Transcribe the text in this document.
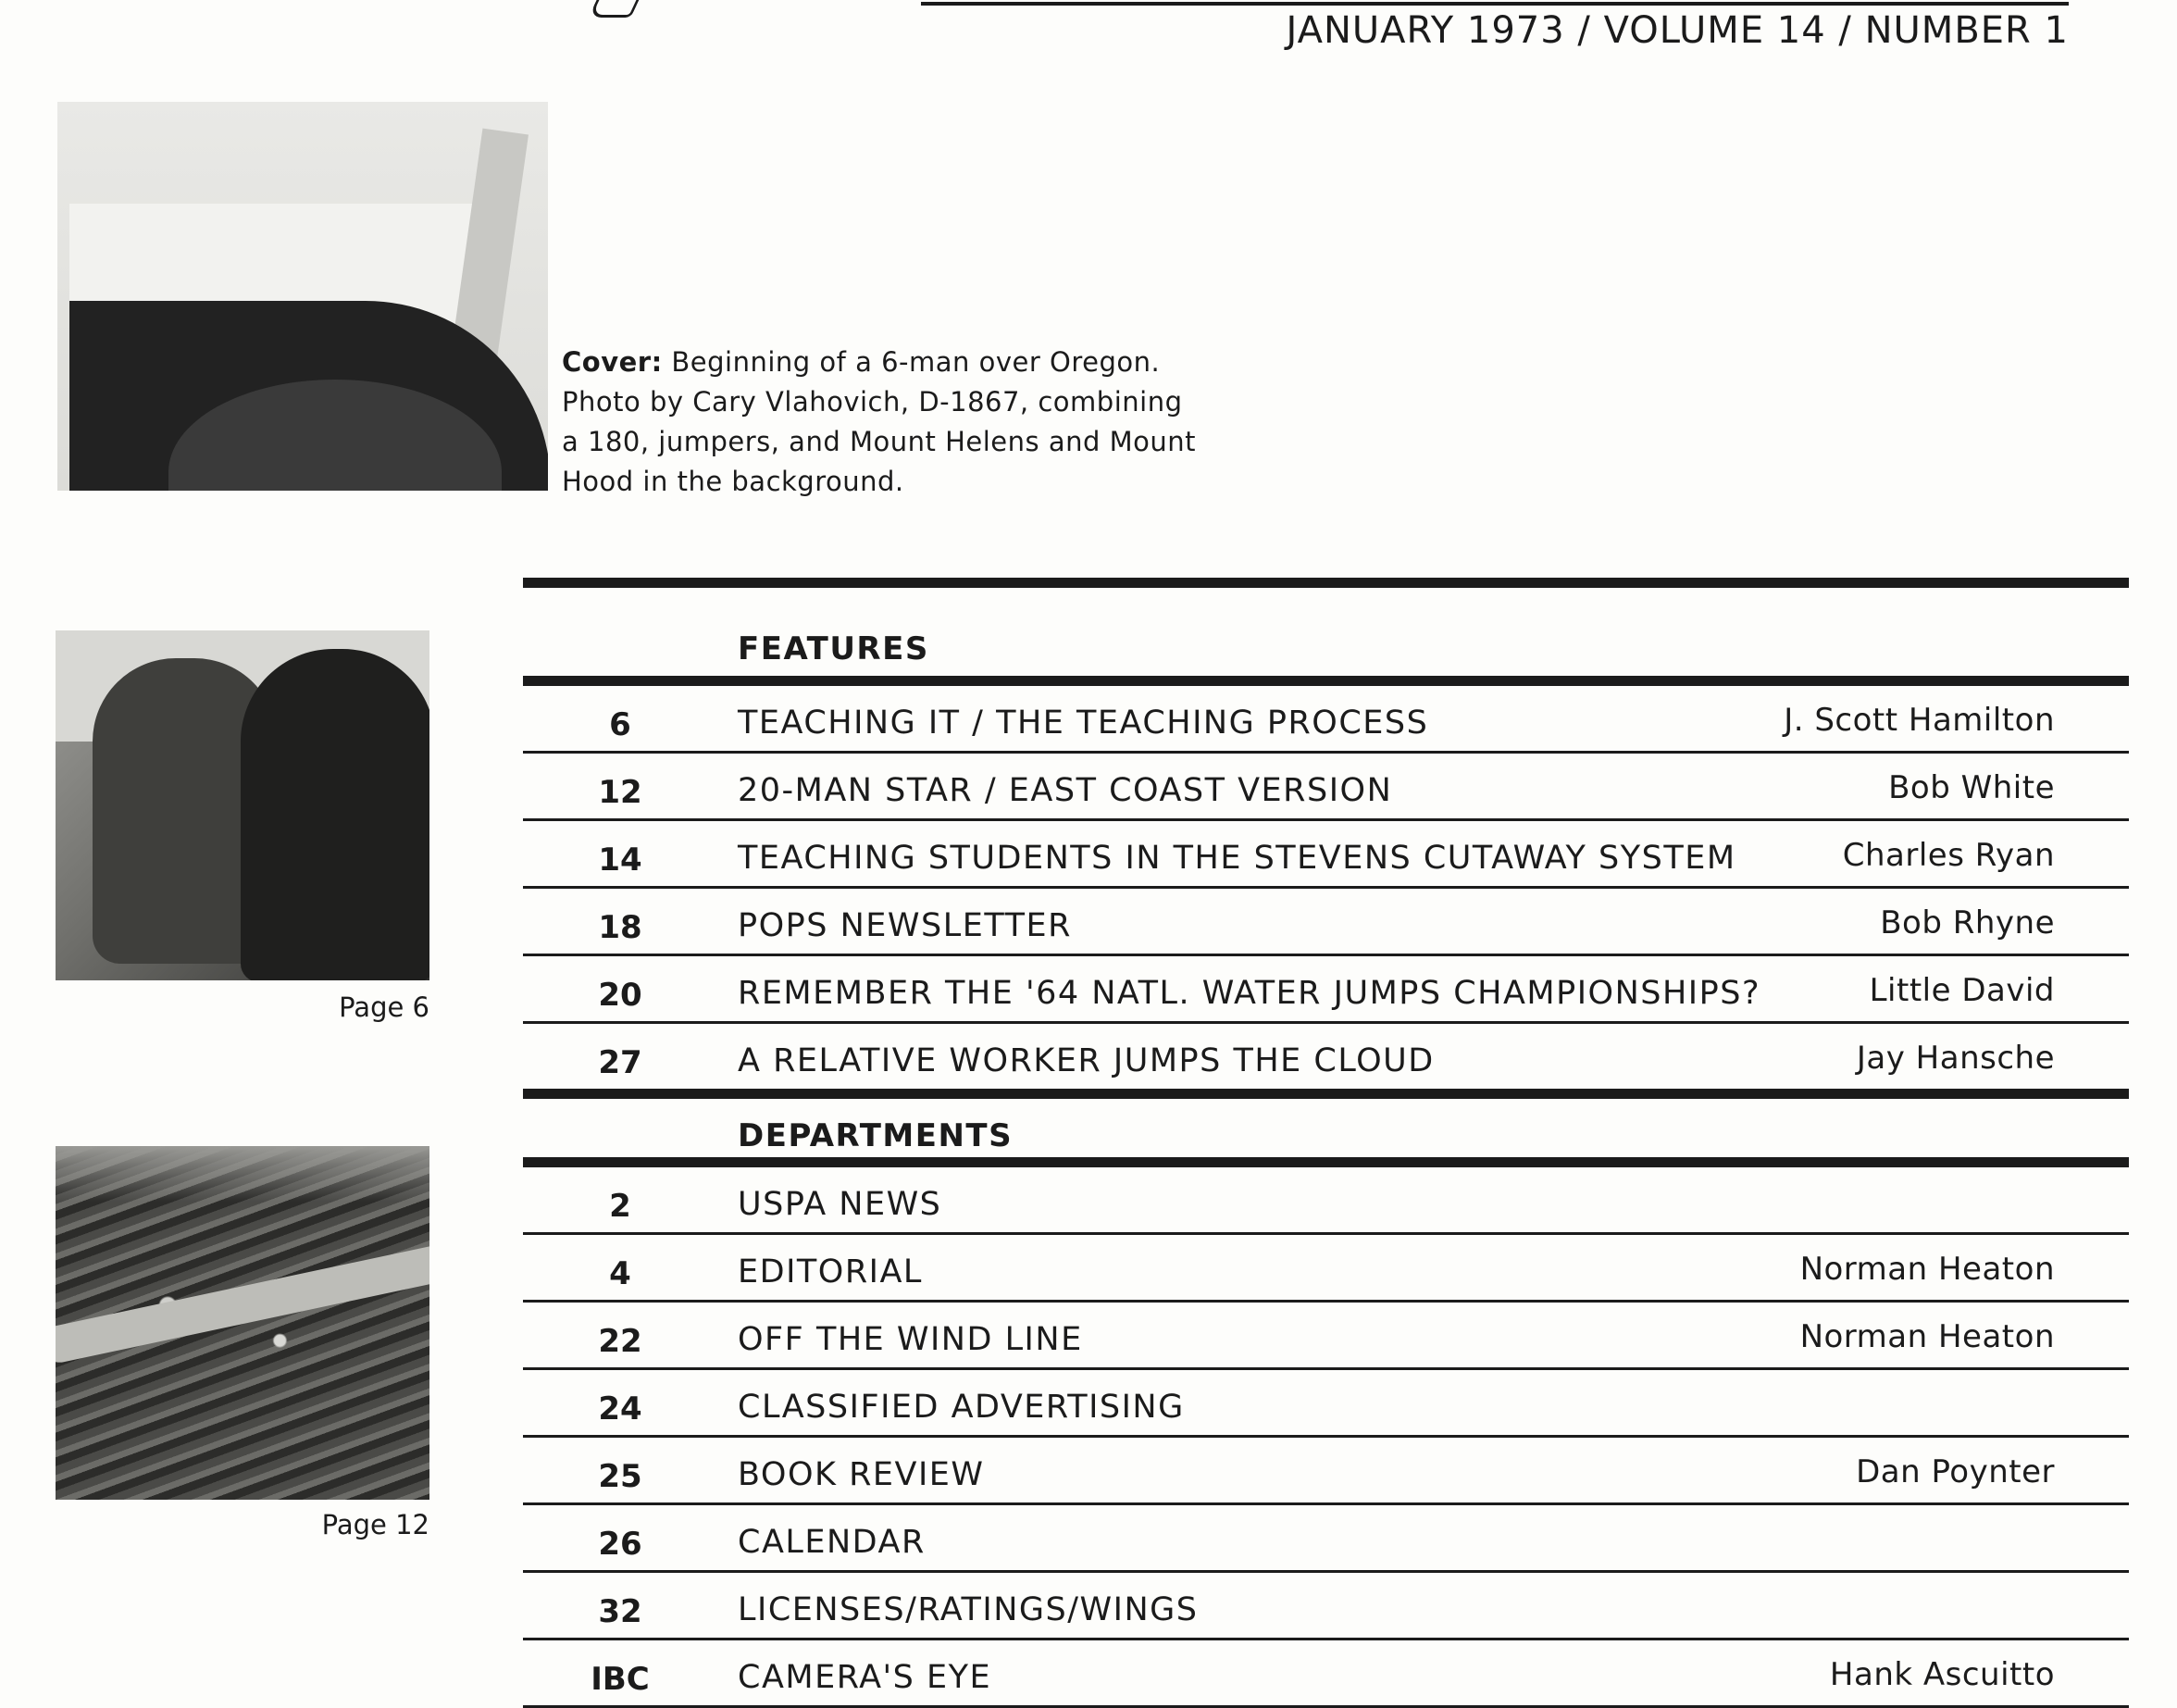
JANUARY 1973 / VOLUME 14 / NUMBER 1
Cover: Beginning of a 6-man over Oregon.
Photo by Cary Vlahovich, D-1867, combining
a 180, jumpers, and Mount Helens and Mount
Hood in the background.
Page 6
Page 12
FEATURES
6	TEACHING IT / THE TEACHING PROCESS	J. Scott Hamilton
12	20-MAN STAR / EAST COAST VERSION	Bob White
14	TEACHING STUDENTS IN THE STEVENS CUTAWAY SYSTEM	Charles Ryan
18	POPS NEWSLETTER	Bob Rhyne
20	REMEMBER THE '64 NATL. WATER JUMPS CHAMPIONSHIPS?	Little David
27	A RELATIVE WORKER JUMPS THE CLOUD	Jay Hansche
DEPARTMENTS
2	USPA NEWS
4	EDITORIAL	Norman Heaton
22	OFF THE WIND LINE	Norman Heaton
24	CLASSIFIED ADVERTISING
25	BOOK REVIEW	Dan Poynter
26	CALENDAR
32	LICENSES/RATINGS/WINGS
IBC	CAMERA'S EYE	Hank Ascuitto
